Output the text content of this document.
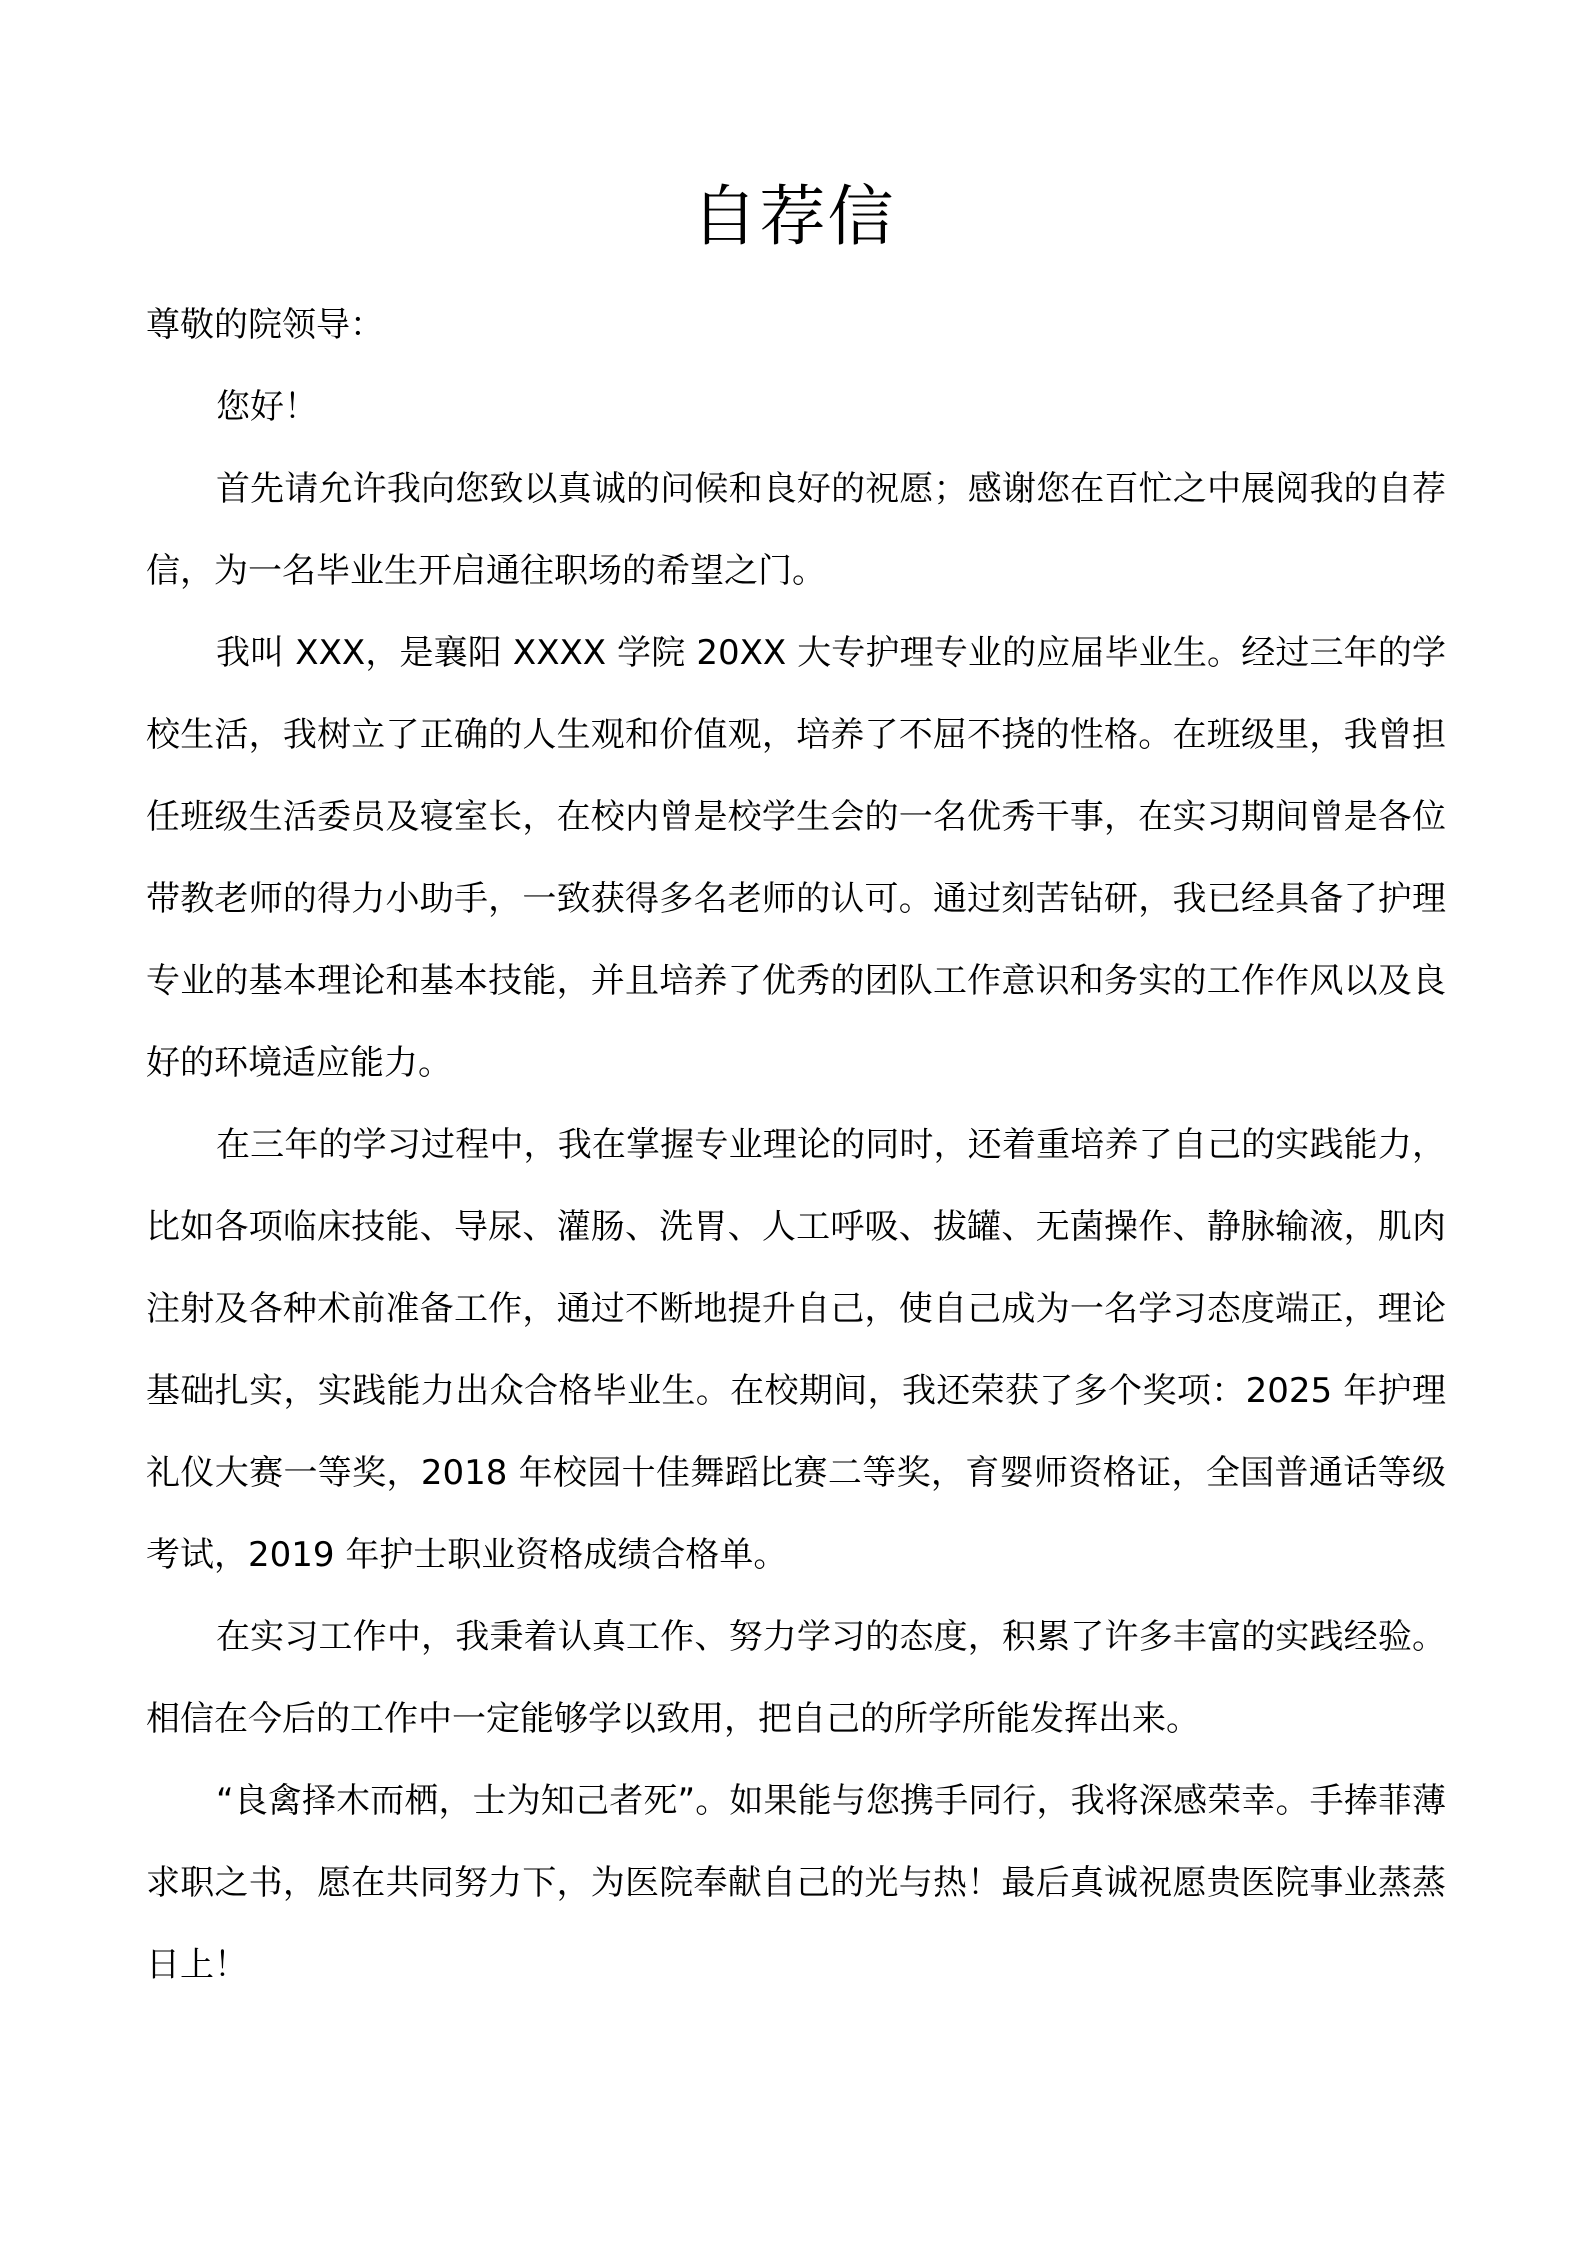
自荐信

尊敬的院领导：

您好！

首先请允许我向您致以真诚的问候和良好的祝愿；感谢您在百忙之中展阅我的自荐信，为一名毕业生开启通往职场的希望之门。

我叫 XXX，是襄阳 XXXX 学院 20XX 大专护理专业的应届毕业生。经过三年的学校生活，我树立了正确的人生观和价值观，培养了不屈不挠的性格。在班级里，我曾担任班级生活委员及寝室长，在校内曾是校学生会的一名优秀干事，在实习期间曾是各位带教老师的得力小助手，一致获得多名老师的认可。通过刻苦钻研，我已经具备了护理专业的基本理论和基本技能，并且培养了优秀的团队工作意识和务实的工作作风以及良好的环境适应能力。

在三年的学习过程中，我在掌握专业理论的同时，还着重培养了自己的实践能力，比如各项临床技能、导尿、灌肠、洗胃、人工呼吸、拔罐、无菌操作、静脉输液，肌肉注射及各种术前准备工作，通过不断地提升自己，使自己成为一名学习态度端正，理论基础扎实，实践能力出众合格毕业生。在校期间，我还荣获了多个奖项：2025 年护理礼仪大赛一等奖，2018 年校园十佳舞蹈比赛二等奖，育婴师资格证，全国普通话等级考试，2019 年护士职业资格成绩合格单。

在实习工作中，我秉着认真工作、努力学习的态度，积累了许多丰富的实践经验。相信在今后的工作中一定能够学以致用，把自己的所学所能发挥出来。

“良禽择木而栖，士为知己者死”。如果能与您携手同行，我将深感荣幸。手捧菲薄求职之书，愿在共同努力下，为医院奉献自己的光与热！最后真诚祝愿贵医院事业蒸蒸日上！
